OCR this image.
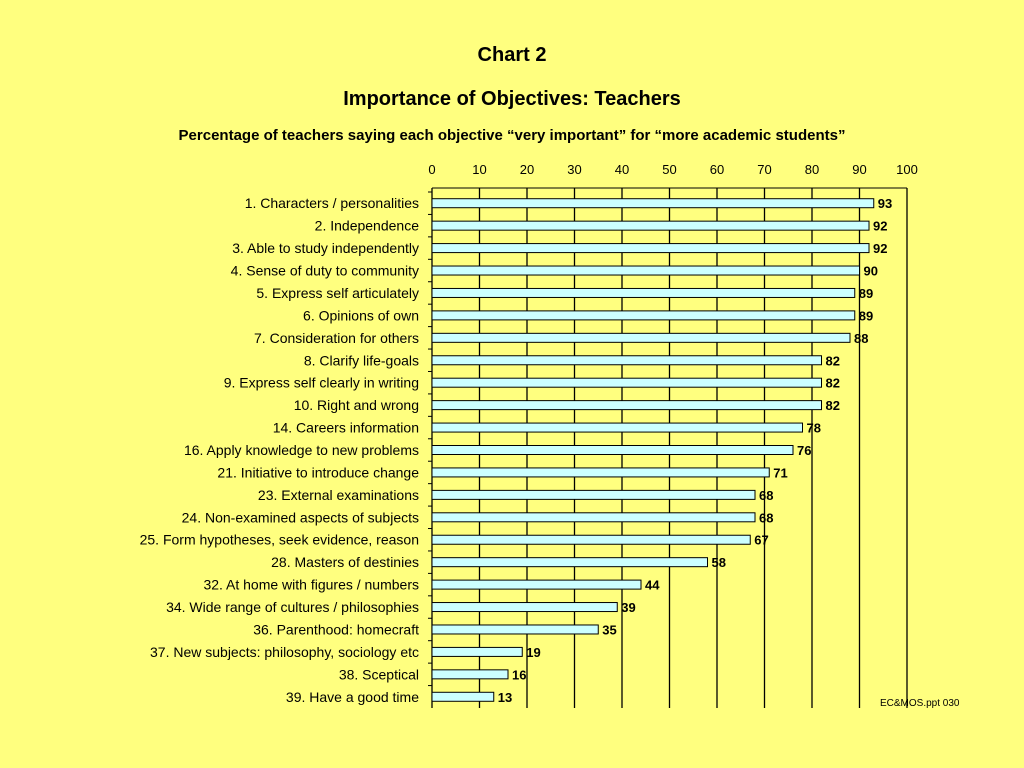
Chart 2
Importance of Objectives: Teachers
Percentage of teachers saying each objective “very important” for “more academic students”
0	10	20	30	40	50	60	70	80	90 100
1. Characters / personalities	93
2. Independence	92
3. Able to study independently	92
4. Sense of duty to community	90
5. Express self articulately	89
6. Opinions of own	89
7. Consideration for others	88
8. Clarify life-goals	82
9. Express self clearly in writing	82
10. Right and wrong	82
14. Careers information	78
16. Apply knowledge to new problems	76
21. Initiative to introduce change	71
23. External examinations	68
24. Non-examined aspects of subjects	68
25. Form hypotheses, seek evidence, reason	67
28. Masters of destinies	58
32. At home with figures / numbers	44
34. Wide range of cultures / philosophies	39
36. Parenthood: homecraft	35
37. New subjects: philosophy, sociology etc	19
38. Sceptical	16
39. Have a good time	13	EC&MOS.ppt 030
